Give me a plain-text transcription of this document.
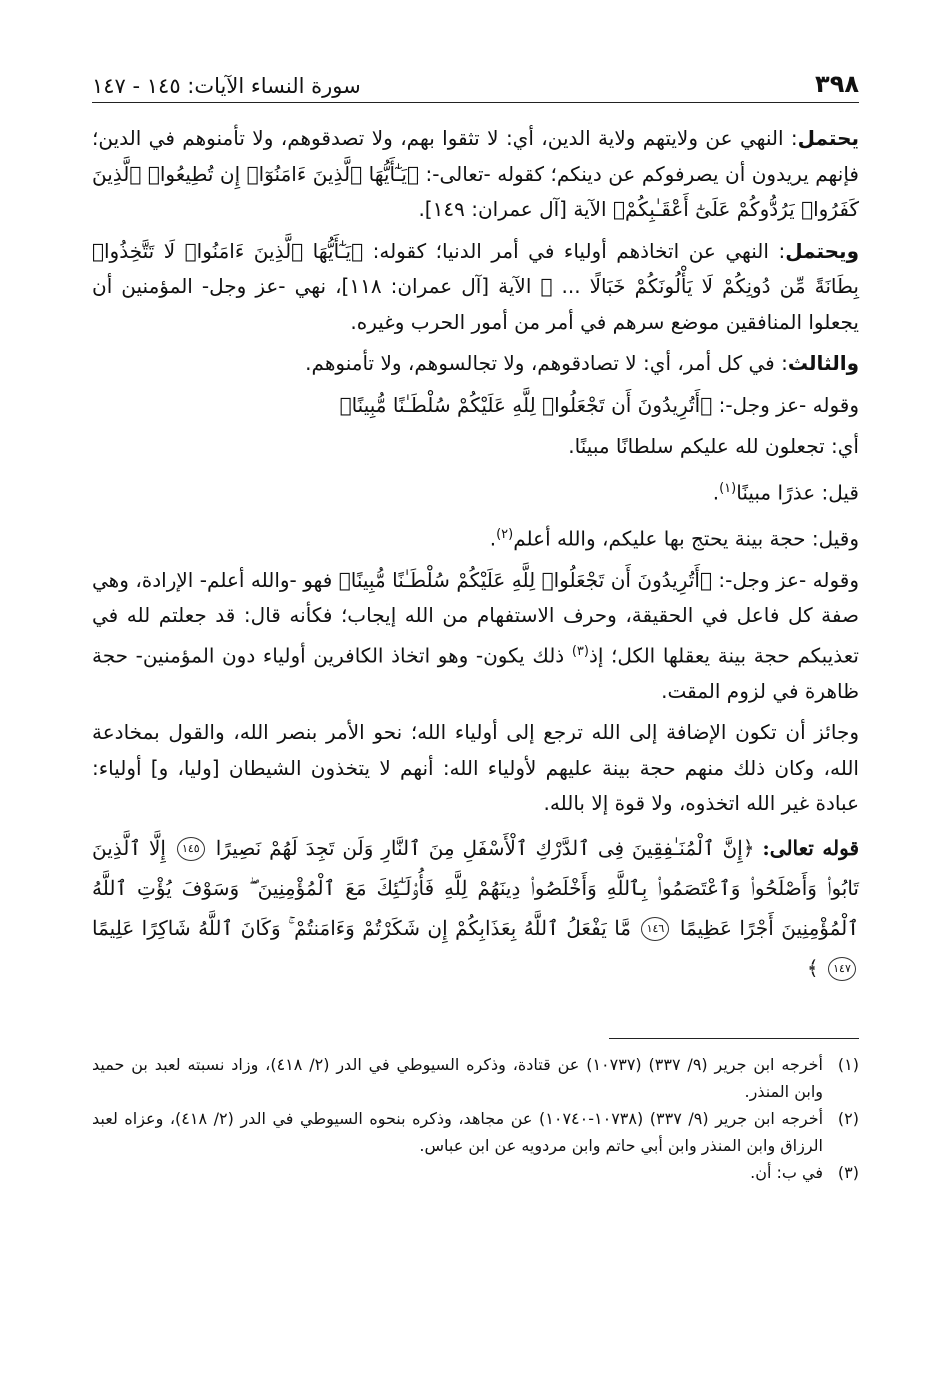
٣٩٨
سورة النساء الآيات: ١٤٥ - ١٤٧

يحتمل: النهي عن ولايتهم ولاية الدين، أي: لا تثقوا بهم، ولا تصدقوهم، ولا تأمنوهم في الدين؛ فإنهم يريدون أن يصرفوكم عن دينكم؛ كقوله -تعالى-: ﴿يَـٰٓأَيُّهَا ٱلَّذِينَ ءَامَنُوٓا۟ إِن تُطِيعُوا۟ ٱلَّذِينَ كَفَرُوا۟ يَرُدُّوكُمْ عَلَىٰٓ أَعْقَـٰبِكُمْ﴾ الآية [آل عمران: ١٤٩].

ويحتمل: النهي عن اتخاذهم أولياء في أمر الدنيا؛ كقوله: ﴿يَـٰٓأَيُّهَا ٱلَّذِينَ ءَامَنُوا۟ لَا تَتَّخِذُوا۟ بِطَانَةً مِّن دُونِكُمْ لَا يَأْلُونَكُمْ خَبَالًا ... ﴾ الآية [آل عمران: ١١٨]، نهي -عز وجل- المؤمنين أن يجعلوا المنافقين موضع سرهم في أمر من أمور الحرب وغيره.

والثالث: في كل أمر، أي: لا تصادقوهم، ولا تجالسوهم، ولا تأمنوهم.

وقوله -عز وجل-: ﴿أَتُرِيدُونَ أَن تَجْعَلُوا۟ لِلَّهِ عَلَيْكُمْ سُلْطَـٰنًا مُّبِينًا﴾

أي: تجعلون لله عليكم سلطانًا مبينًا.

قيل: عذرًا مبينًا$^{(١)}$.

وقيل: حجة بينة يحتج بها عليكم، والله أعلم$^{(٢)}$.

وقوله -عز وجل-: ﴿أَتُرِيدُونَ أَن تَجْعَلُوا۟ لِلَّهِ عَلَيْكُمْ سُلْطَـٰنًا مُّبِينًا﴾ فهو -والله أعلم- الإرادة، وهي صفة كل فاعل في الحقيقة، وحرف الاستفهام من الله إيجاب؛ فكأنه قال: قد جعلتم لله في تعذيبكم حجة بينة يعقلها الكل؛ إذ$^{(٣)}$ ذلك يكون- وهو اتخاذ الكافرين أولياء دون المؤمنين- حجة ظاهرة في لزوم المقت.

وجائز أن تكون الإضافة إلى الله ترجع إلى أولياء الله؛ نحو الأمر بنصر الله، والقول بمخادعة الله، وكان ذلك منهم حجة بينة عليهم لأولياء الله: أنهم لا يتخذون الشيطان [وليا، و] أولياء: عبادة غير الله اتخذوه، ولا قوة إلا بالله.

قوله تعالى: ﴿إِنَّ ٱلْمُنَـٰفِقِينَ فِى ٱلدَّرْكِ ٱلْأَسْفَلِ مِنَ ٱلنَّارِ وَلَن تَجِدَ لَهُمْ نَصِيرًا ١٤٥ إِلَّا ٱلَّذِينَ تَابُوا۟ وَأَصْلَحُوا۟ وَٱعْتَصَمُوا۟ بِٱللَّهِ وَأَخْلَصُوا۟ دِينَهُمْ لِلَّهِ فَأُو۟لَـٰٓئِكَ مَعَ ٱلْمُؤْمِنِينَ ۖ وَسَوْفَ يُؤْتِ ٱللَّهُ ٱلْمُؤْمِنِينَ أَجْرًا عَظِيمًا ١٤٦ مَّا يَفْعَلُ ٱللَّهُ بِعَذَابِكُمْ إِن شَكَرْتُمْ وَءَامَنتُمْ ۚ وَكَانَ ٱللَّهُ شَاكِرًا عَلِيمًا ١٤٧ ﴾
(١)
أخرجه ابن جرير (٩/ ٣٣٧) (١٠٧٣٧) عن قتادة، وذكره السيوطي في الدر (٢/ ٤١٨)، وزاد نسبته لعبد بن حميد وابن المنذر.
(٢)
أخرجه ابن جرير (٩/ ٣٣٧) (١٠٧٣٨-١٠٧٤٠) عن مجاهد، وذكره بنحوه السيوطي في الدر (٢/ ٤١٨)، وعزاه لعبد الرزاق وابن المنذر وابن أبي حاتم وابن مردويه عن ابن عباس.
(٣)
في ب: أن.
